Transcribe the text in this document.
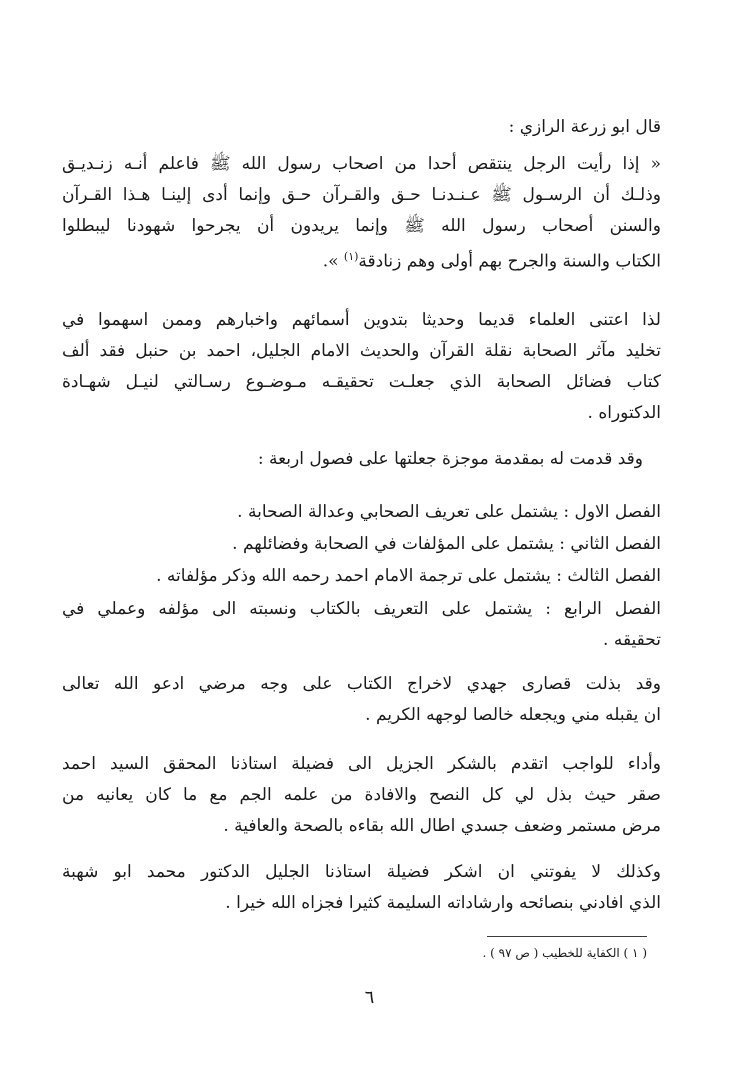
قال ابو زرعة الرازي :
« إذا رأيت الرجل ينتقص أحدا من اصحاب رسول الله ﷺ فاعلم أنـه زنـديـق
وذلـك أن الرسـول ﷺ عـنـدنـا حـق والقـرآن حـق وإنما أدى إلينـا هـذا القـرآن
والسنن أصحاب رسول الله ﷺ وإنما يريدون أن يجرحوا شهودنا ليبطلوا
الكتاب والسنة والجرح بهم أولى وهم زنادقة$^{(١)}$ ».
لذا اعتنى العلماء قديما وحديثا بتدوين أسمائهم واخبارهم وممن اسهموا في
تخليد مآثر الصحابة نقلة القرآن والحديث الامام الجليل، احمد بن حنبل فقد ألف
كتاب فضائل الصحابة الذي جعلـت تحقيقـه مـوضـوع رسـالتي لنيـل شهـادة
الدكتوراه .
وقد قدمت له بمقدمة موجزة جعلتها على فصول اربعة :
الفصل الاول : يشتمل على تعريف الصحابي وعدالة الصحابة .
الفصل الثاني : يشتمل على المؤلفات في الصحابة وفضائلهم .
الفصل الثالث : يشتمل على ترجمة الامام احمد رحمه الله وذكر مؤلفاته .
الفصل الرابع : يشتمل على التعريف بالكتاب ونسبته الى مؤلفه وعملي في
تحقيقه .
وقد بذلت قصارى جهدي لاخراج الكتاب على وجه مرضي ادعو الله تعالى
ان يقبله مني ويجعله خالصا لوجهه الكريم .
وأداء للواجب اتقدم بالشكر الجزيل الى فضيلة استاذنا المحقق السيد احمد
صقر حيث بذل لي كل النصح والافادة من علمه الجم مع ما كان يعانيه من
مرض مستمر وضعف جسدي اطال الله بقاءه بالصحة والعافية .
وكذلك لا يفوتني ان اشكر فضيلة استاذنا الجليل الدكتور محمد ابو شهبة
الذي افادني بنصائحه وارشاداته السليمة كثيرا فجزاه الله خيرا .
( ١ ) الكفاية للخطيب ( ص ٩٧ ) .
٦
